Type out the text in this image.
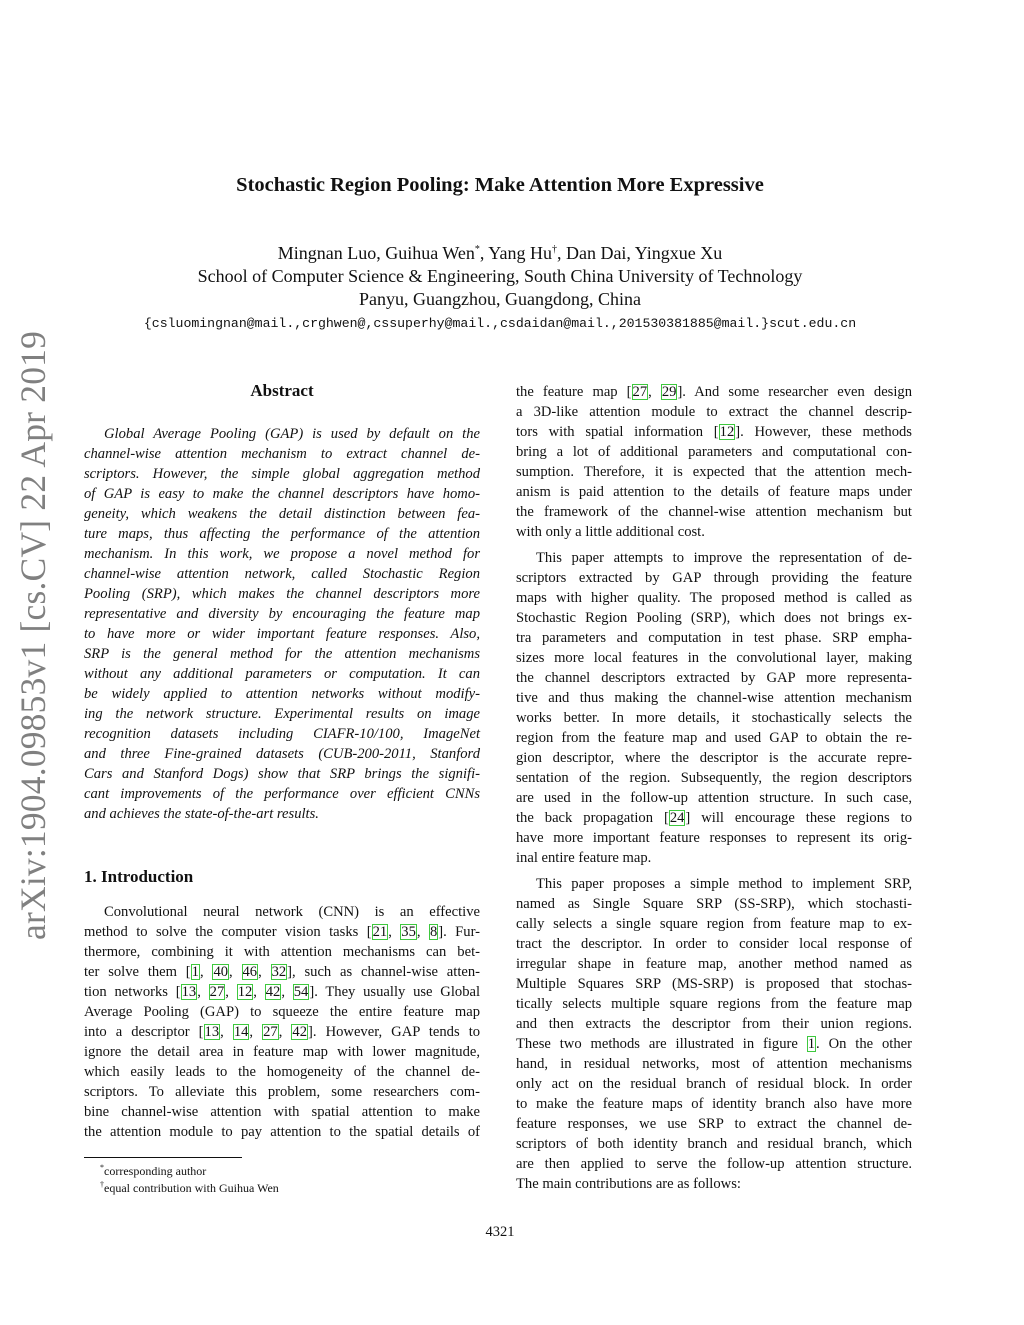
Stochastic Region Pooling: Make Attention More Expressive
Mingnan Luo, Guihua Wen*, Yang Hu†, Dan Dai, Yingxue Xu
School of Computer Science & Engineering, South China University of Technology
Panyu, Guangzhou, Guangdong, China
{csluomingnan@mail.,crghwen@,cssuperhy@mail.,csdaidan@mail.,201530381885@mail.}scut.edu.cn
arXiv:1904.09853v1 [cs.CV] 22 Apr 2019	Abstract
Global Average Pooling (GAP) is used by default on the
channel-wise attention mechanism to extract channel de-
scriptors. However, the simple global aggregation method
of GAP is easy to make the channel descriptors have homo-
geneity, which weakens the detail distinction between fea-
ture maps, thus affecting the performance of the attention
mechanism. In this work, we propose a novel method for
channel-wise attention network, called Stochastic Region
Pooling (SRP), which makes the channel descriptors more
representative and diversity by encouraging the feature map
to have more or wider important feature responses. Also,
SRP is the general method for the attention mechanisms
without any additional parameters or computation. It can
be widely applied to attention networks without modify-
ing the network structure. Experimental results on image
recognition datasets including CIAFR-10/100, ImageNet
and three Fine-grained datasets (CUB-200-2011, Stanford
Cars and Stanford Dogs) show that SRP brings the signifi-
cant improvements of the performance over efficient CNNs
and achieves the state-of-the-art results.
1. Introduction
Convolutional neural network (CNN) is an effective
method to solve the computer vision tasks [21, 35, 8]. Fur-
thermore, combining it with attention mechanisms can bet-
ter solve them [1, 40, 46, 32], such as channel-wise atten-
tion networks [13, 27, 12, 42, 54]. They usually use Global
Average Pooling (GAP) to squeeze the entire feature map
into a descriptor [13, 14, 27, 42]. However, GAP tends to
ignore the detail area in feature map with lower magnitude,
which easily leads to the homogeneity of the channel de-
scriptors. To alleviate this problem, some researchers com-
bine channel-wise attention with spatial attention to make
the attention module to pay attention to the spatial details of
*corresponding author
†equal contribution with Guihua Wen
the feature map [27, 29]. And some researcher even design
a 3D-like attention module to extract the channel descrip-
tors with spatial information [12]. However, these methods
bring a lot of additional parameters and computational con-
sumption. Therefore, it is expected that the attention mech-
anism is paid attention to the details of feature maps under
the framework of the channel-wise attention mechanism but
with only a little additional cost.
This paper attempts to improve the representation of de-
scriptors extracted by GAP through providing the feature
maps with higher quality. The proposed method is called as
Stochastic Region Pooling (SRP), which does not brings ex-
tra parameters and computation in test phase. SRP empha-
sizes more local features in the convolutional layer, making
the channel descriptors extracted by GAP more representa-
tive and thus making the channel-wise attention mechanism
works better. In more details, it stochastically selects the
region from the feature map and used GAP to obtain the re-
gion descriptor, where the descriptor is the accurate repre-
sentation of the region. Subsequently, the region descriptors
are used in the follow-up attention structure. In such case,
the back propagation [24] will encourage these regions to
have more important feature responses to represent its orig-
inal entire feature map.
This paper proposes a simple method to implement SRP,
named as Single Square SRP (SS-SRP), which stochasti-
cally selects a single square region from feature map to ex-
tract the descriptor. In order to consider local response of
irregular shape in feature map, another method named as
Multiple Squares SRP (MS-SRP) is proposed that stochas-
tically selects multiple square regions from the feature map
and then extracts the descriptor from their union regions.
These two methods are illustrated in figure 1. On the other
hand, in residual networks, most of attention mechanisms
only act on the residual branch of residual block. In order
to make the feature maps of identity branch also have more
feature responses, we use SRP to extract the channel de-
scriptors of both identity branch and residual branch, which
are then applied to serve the follow-up attention structure.
The main contributions are as follows:
4321
